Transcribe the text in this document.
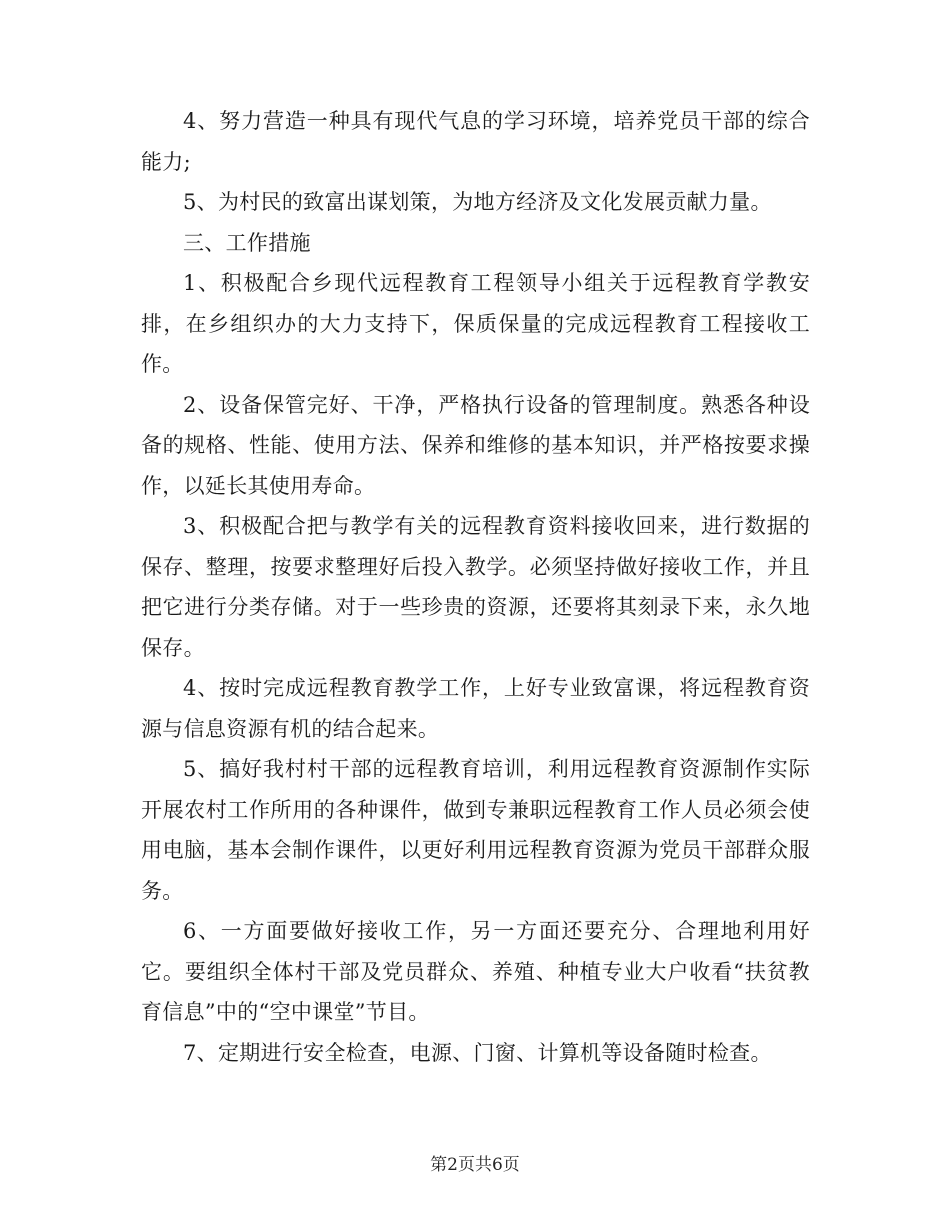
4、努力营造一种具有现代气息的学习环境，培养党员干部的综合能力;

5、为村民的致富出谋划策，为地方经济及文化发展贡献力量。

三、工作措施

1、积极配合乡现代远程教育工程领导小组关于远程教育学教安排，在乡组织办的大力支持下，保质保量的完成远程教育工程接收工作。

2、设备保管完好、干净，严格执行设备的管理制度。熟悉各种设备的规格、性能、使用方法、保养和维修的基本知识，并严格按要求操作，以延长其使用寿命。

3、积极配合把与教学有关的远程教育资料接收回来，进行数据的保存、整理，按要求整理好后投入教学。必须坚持做好接收工作，并且把它进行分类存储。对于一些珍贵的资源，还要将其刻录下来，永久地保存。

4、按时完成远程教育教学工作，上好专业致富课，将远程教育资源与信息资源有机的结合起来。

5、搞好我村村干部的远程教育培训，利用远程教育资源制作实际开展农村工作所用的各种课件，做到专兼职远程教育工作人员必须会使用电脑，基本会制作课件，以更好利用远程教育资源为党员干部群众服务。

6、一方面要做好接收工作，另一方面还要充分、合理地利用好它。要组织全体村干部及党员群众、养殖、种植专业大户收看“扶贫教育信息”中的“空中课堂”节目。

7、定期进行安全检查，电源、门窗、计算机等设备随时检查。

第2页共6页
